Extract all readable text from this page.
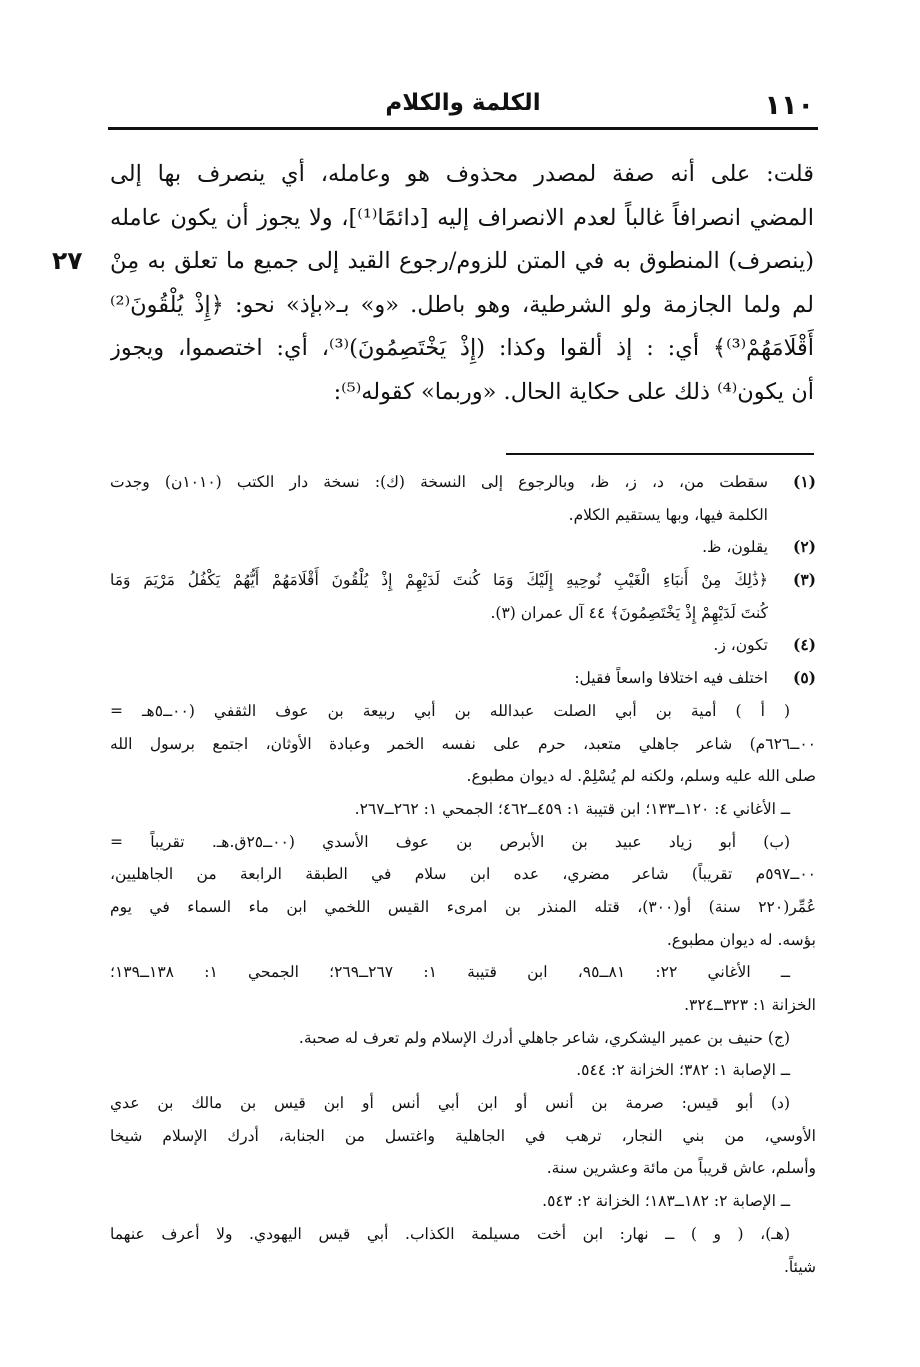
١١٠
الكلمة والكلام
٢٧
قلت: على أنه صفة لمصدر محذوف هو وعامله، أي ينصرف بها إلى
المضي انصرافاً غالباً لعدم الانصراف إليه [دائمًا⁽¹⁾]، ولا يجوز أن يكون عامله
(ينصرف) المنطوق به في المتن للزوم/رجوع القيد إلى جميع ما تعلق به مِنْ
لم ولما الجازمة ولو الشرطية، وهو باطل. «و» بـ«بإذ» نحو: ﴿إِذْ يُلْقُونَ⁽²⁾
أَقْلَامَهُمْ⁽³⁾﴾ أي: : إذ ألقوا وكذا: (إِذْ يَخْتَصِمُونَ)⁽³⁾، أي: اختصموا، ويجوز
أن يكون⁽⁴⁾ ذلك على حكاية الحال. «وربما» كقوله⁽⁵⁾:
(١)
سقطت من، د، ز، ظ، وبالرجوع إلى النسخة (ك): نسخة دار الكتب (١٠١٠ن) وجدت
الكلمة فيها، وبها يستقيم الكلام.
(٢)
يقلون، ظ.
(٣)
﴿ذَٰلِكَ مِنْ أَنبَاءِ الْغَيْبِ نُوحِيهِ إِلَيْكَ وَمَا كُنتَ لَدَيْهِمْ إِذْ يُلْقُونَ أَقْلَامَهُمْ أَيُّهُمْ يَكْفُلُ مَرْيَمَ وَمَا
كُنتَ لَدَيْهِمْ إِذْ يَخْتَصِمُونَ﴾ ٤٤ آل عمران (٣).
(٤)
تكون، ز.
(٥)
اختلف فيه اختلافا واسعاً فقيل:
( أ ) أمية بن أبي الصلت عبدالله بن أبي ربيعة بن عوف الثقفي (٠٠ــ٥هـ =
٠٠ــ٦٢٦م) شاعر جاهلي متعبد، حرم على نفسه الخمر وعبادة الأوثان، اجتمع برسول الله
صلى الله عليه وسلم، ولكنه لم يُسْلِمْ. له ديوان مطبوع.
ــ الأغاني ٤: ١٢٠ــ١٣٣؛ ابن قتيبة ١: ٤٥٩ــ٤٦٢؛ الجمحي ١: ٢٦٢ــ٢٦٧.
(ب) أبو زياد عبيد بن الأبرص بن عوف الأسدي (٠٠ــ٢٥ق.هـ. تقريباً =
٠٠ــ٥٩٧م تقريباً) شاعر مضري، عده ابن سلام في الطبقة الرابعة من الجاهليين،
عُمِّر(٢٢٠ سنة) أو(٣٠٠)، قتله المنذر بن امرىء القيس اللخمي ابن ماء السماء في يوم
بؤسه. له ديوان مطبوع.
ــ الأغاني ٢٢: ٨١ــ٩٥، ابن قتيبة ١: ٢٦٧ــ٢٦٩؛ الجمحي ١: ١٣٨ــ١٣٩؛
الخزانة ١: ٣٢٣ــ٣٢٤.
(ج) حنيف بن عمير اليشكري، شاعر جاهلي أدرك الإسلام ولم تعرف له صحبة.
ــ الإصابة ١: ٣٨٢؛ الخزانة ٢: ٥٤٤.
(د) أبو قيس: صرمة بن أنس أو ابن أبي أنس أو ابن قيس بن مالك بن عدي
الأوسي، من بني النجار، ترهب في الجاهلية واغتسل من الجنابة، أدرك الإسلام شيخا
وأسلم، عاش قريباً من مائة وعشرين سنة.
ــ الإصابة ٢: ١٨٢ــ١٨٣؛ الخزانة ٢: ٥٤٣.
(هـ)، ( و ) ــ نهار: ابن أخت مسيلمة الكذاب. أبي قيس اليهودي. ولا أعرف عنهما
شيئاً.
